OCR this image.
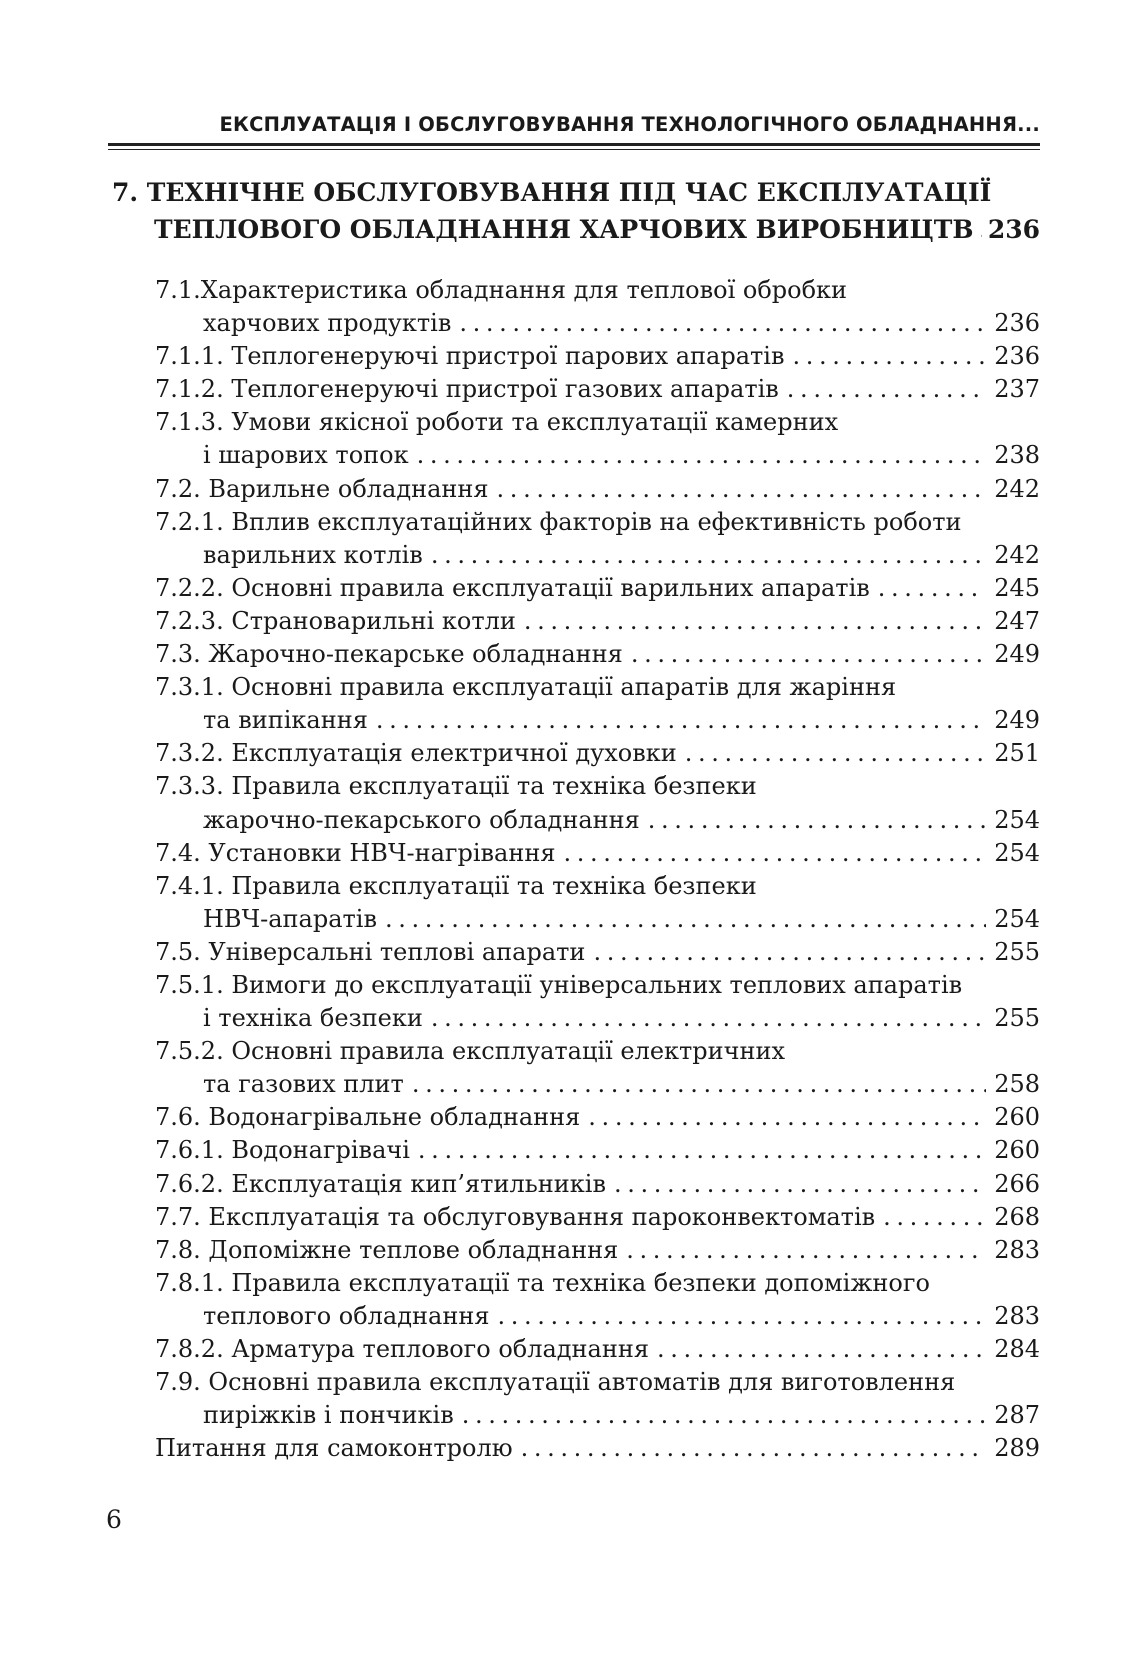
ЕКСПЛУАТАЦІЯ І ОБСЛУГОВУВАННЯ ТЕХНОЛОГІЧНОГО ОБЛАДНАННЯ...
7. ТЕХНІЧНЕ ОБСЛУГОВУВАННЯ ПІД ЧАС ЕКСПЛУАТАЦІЇ
ТЕПЛОВОГО ОБЛАДНАННЯ ХАРЧОВИХ ВИРОБНИЦТВ . . . 236
7.1.Характеристика обладнання для теплової обробки
харчових продуктів . . .	236
7.1.1. Теплогенеруючі пристрої парових апаратів . . .	236
7.1.2. Теплогенеруючі пристрої газових апаратів . . .	237
7.1.3. Умови якісної роботи та експлуатації камерних
і шарових топок . . .	238
7.2. Варильне обладнання . . .	242
7.2.1. Вплив експлуатаційних факторів на ефективність роботи
варильних котлів . . .	242
7.2.2. Основні правила експлуатації варильних апаратів . . .	245
7.2.3. Страноварильні котли . . .	247
7.3. Жарочно-пекарське обладнання . . .	249
7.3.1. Основні правила експлуатації апаратів для жаріння
та випікання . . .	249
7.3.2. Експлуатація електричної духовки . . .	251
7.3.3. Правила експлуатації та техніка безпеки
жарочно-пекарського обладнання . . .	254
7.4. Установки НВЧ-нагрівання . . .	254
7.4.1. Правила експлуатації та техніка безпеки
НВЧ-апаратів . . .	254
7.5. Універсальні теплові апарати . . .	255
7.5.1. Вимоги до експлуатації універсальних теплових апаратів
і техніка безпеки . . .	255
7.5.2. Основні правила експлуатації електричних
та газових плит . . .	258
7.6. Водонагрівальне обладнання . . .	260
7.6.1. Водонагрівачі . . .	260
7.6.2. Експлуатація кип’ятильників . . .	266
7.7. Експлуатація та обслуговування пароконвектоматів . . .	268
7.8. Допоміжне теплове обладнання . . .	283
7.8.1. Правила експлуатації та техніка безпеки допоміжного
теплового обладнання . . .	283
7.8.2. Арматура теплового обладнання . . .	284
7.9. Основні правила експлуатації автоматів для виготовлення
пиріжків і пончиків . . .	287
Питання для самоконтролю . . .	289
6
